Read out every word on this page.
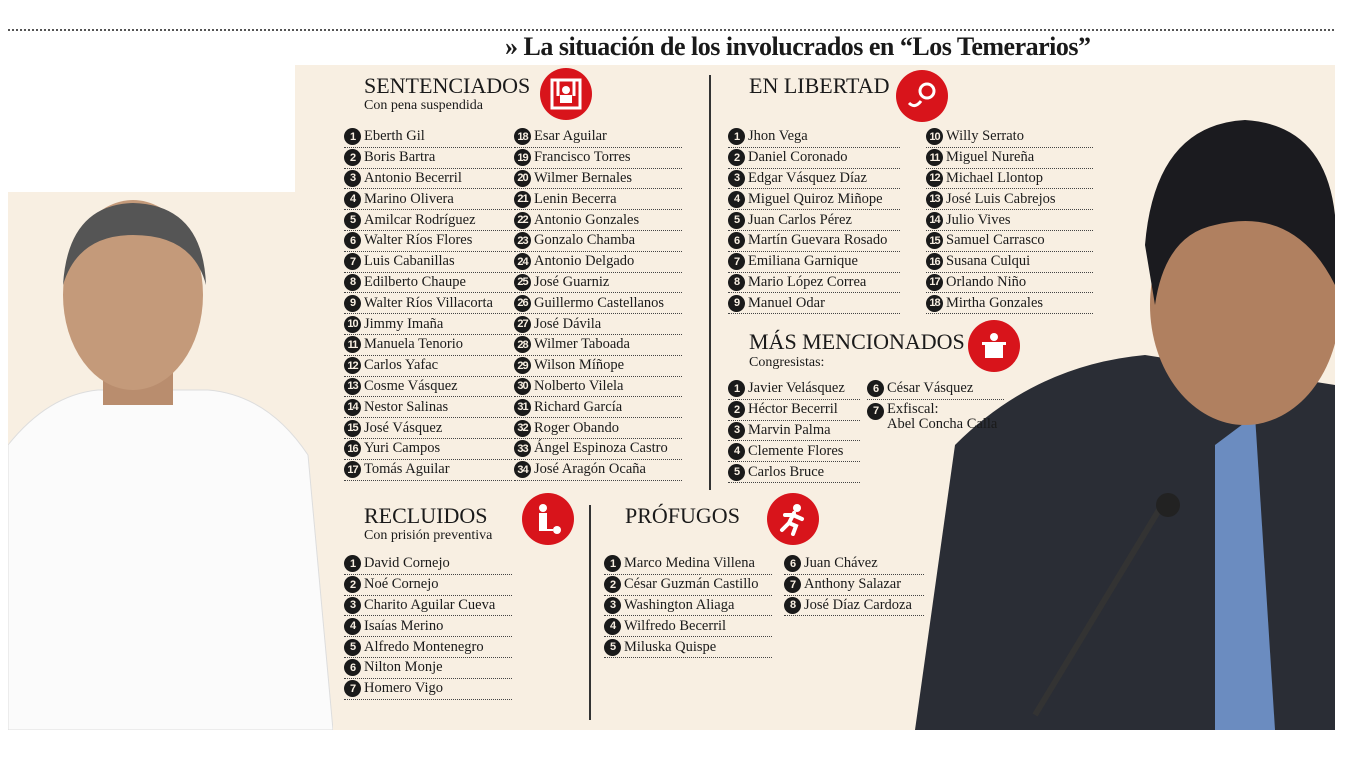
» La situación de los involucrados en “Los Temerarios”
SENTENCIADOS
Con pena suspendida
1 Eberth Gil
2 Boris Bartra
3 Antonio Becerril
4 Marino Olivera
5 Amilcar Rodríguez
6 Walter Ríos Flores
7 Luis Cabanillas
8 Edilberto Chaupe
9 Walter Ríos Villacorta
10 Jimmy Imaña
11 Manuela Tenorio
12 Carlos Yafac
13 Cosme Vásquez
14 Nestor Salinas
15 José Vásquez
16 Yuri Campos
17 Tomás Aguilar
18 Esar Aguilar
19 Francisco Torres
20 Wilmer Bernales
21 Lenin Becerra
22 Antonio Gonzales
23 Gonzalo Chamba
24 Antonio Delgado
25 José Guarniz
26 Guillermo Castellanos
27 José Dávila
28 Wilmer Taboada
29 Wilson Míñope
30 Nolberto Vilela
31 Richard García
32 Roger Obando
33 Ángel Espinoza Castro
34 José Aragón Ocaña
EN LIBERTAD
1 Jhon Vega
2 Daniel Coronado
3 Edgar Vásquez Díaz
4 Miguel Quiroz Miñope
5 Juan Carlos Pérez
6 Martín Guevara Rosado
7 Emiliana Garnique
8 Mario López Correa
9 Manuel Odar
10 Willy Serrato
11 Miguel Nureña
12 Michael Llontop
13 José Luis Cabrejos
14 Julio Vives
15 Samuel Carrasco
16 Susana Culqui
17 Orlando Niño
18 Mirtha Gonzales
MÁS MENCIONADOS
Congresistas:
1 Javier Velásquez
2 Héctor Becerril
3 Marvin Palma
4 Clemente Flores
5 Carlos Bruce
6 César Vásquez
7 Exfiscal:
Abel Concha Calla
RECLUIDOS
Con prisión preventiva
1 David Cornejo
2 Noé Cornejo
3 Charito Aguilar Cueva
4 Isaías Merino
5 Alfredo Montenegro
6 Nilton Monje
7 Homero Vigo
PRÓFUGOS
1 Marco Medina Villena
2 César Guzmán Castillo
3 Washington Aliaga
4 Wilfredo Becerril
5 Miluska Quispe
6 Juan Chávez
7 Anthony Salazar
8 José Díaz Cardoza
